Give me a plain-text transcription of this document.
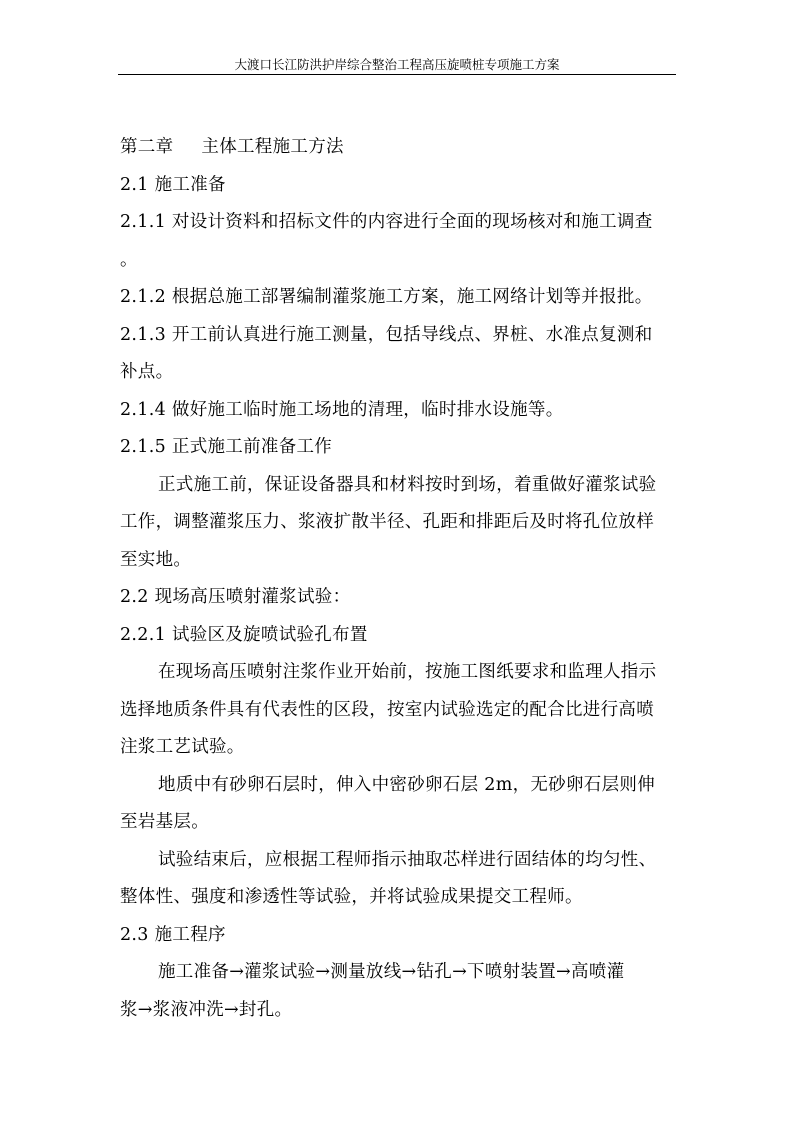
大渡口长江防洪护岸综合整治工程高压旋喷桩专项施工方案
第二章 主体工程施工方法
2.1 施工准备
2.1.1 对设计资料和招标文件的内容进行全面的现场核对和施工调查
。
2.1.2 根据总施工部署编制灌浆施工方案，施工网络计划等并报批。
2.1.3 开工前认真进行施工测量，包括导线点、界桩、水准点复测和
补点。
2.1.4 做好施工临时施工场地的清理，临时排水设施等。
2.1.5 正式施工前准备工作
正式施工前，保证设备器具和材料按时到场，着重做好灌浆试验
工作，调整灌浆压力、浆液扩散半径、孔距和排距后及时将孔位放样
至实地。
2.2 现场高压喷射灌浆试验：
2.2.1 试验区及旋喷试验孔布置
在现场高压喷射注浆作业开始前，按施工图纸要求和监理人指示
选择地质条件具有代表性的区段，按室内试验选定的配合比进行高喷
注浆工艺试验。
地质中有砂卵石层时，伸入中密砂卵石层 2m，无砂卵石层则伸
至岩基层。
试验结束后，应根据工程师指示抽取芯样进行固结体的均匀性、
整体性、强度和渗透性等试验，并将试验成果提交工程师。
2.3 施工程序
施工准备→灌浆试验→测量放线→钻孔→下喷射装置→高喷灌
浆→浆液冲洗→封孔。
